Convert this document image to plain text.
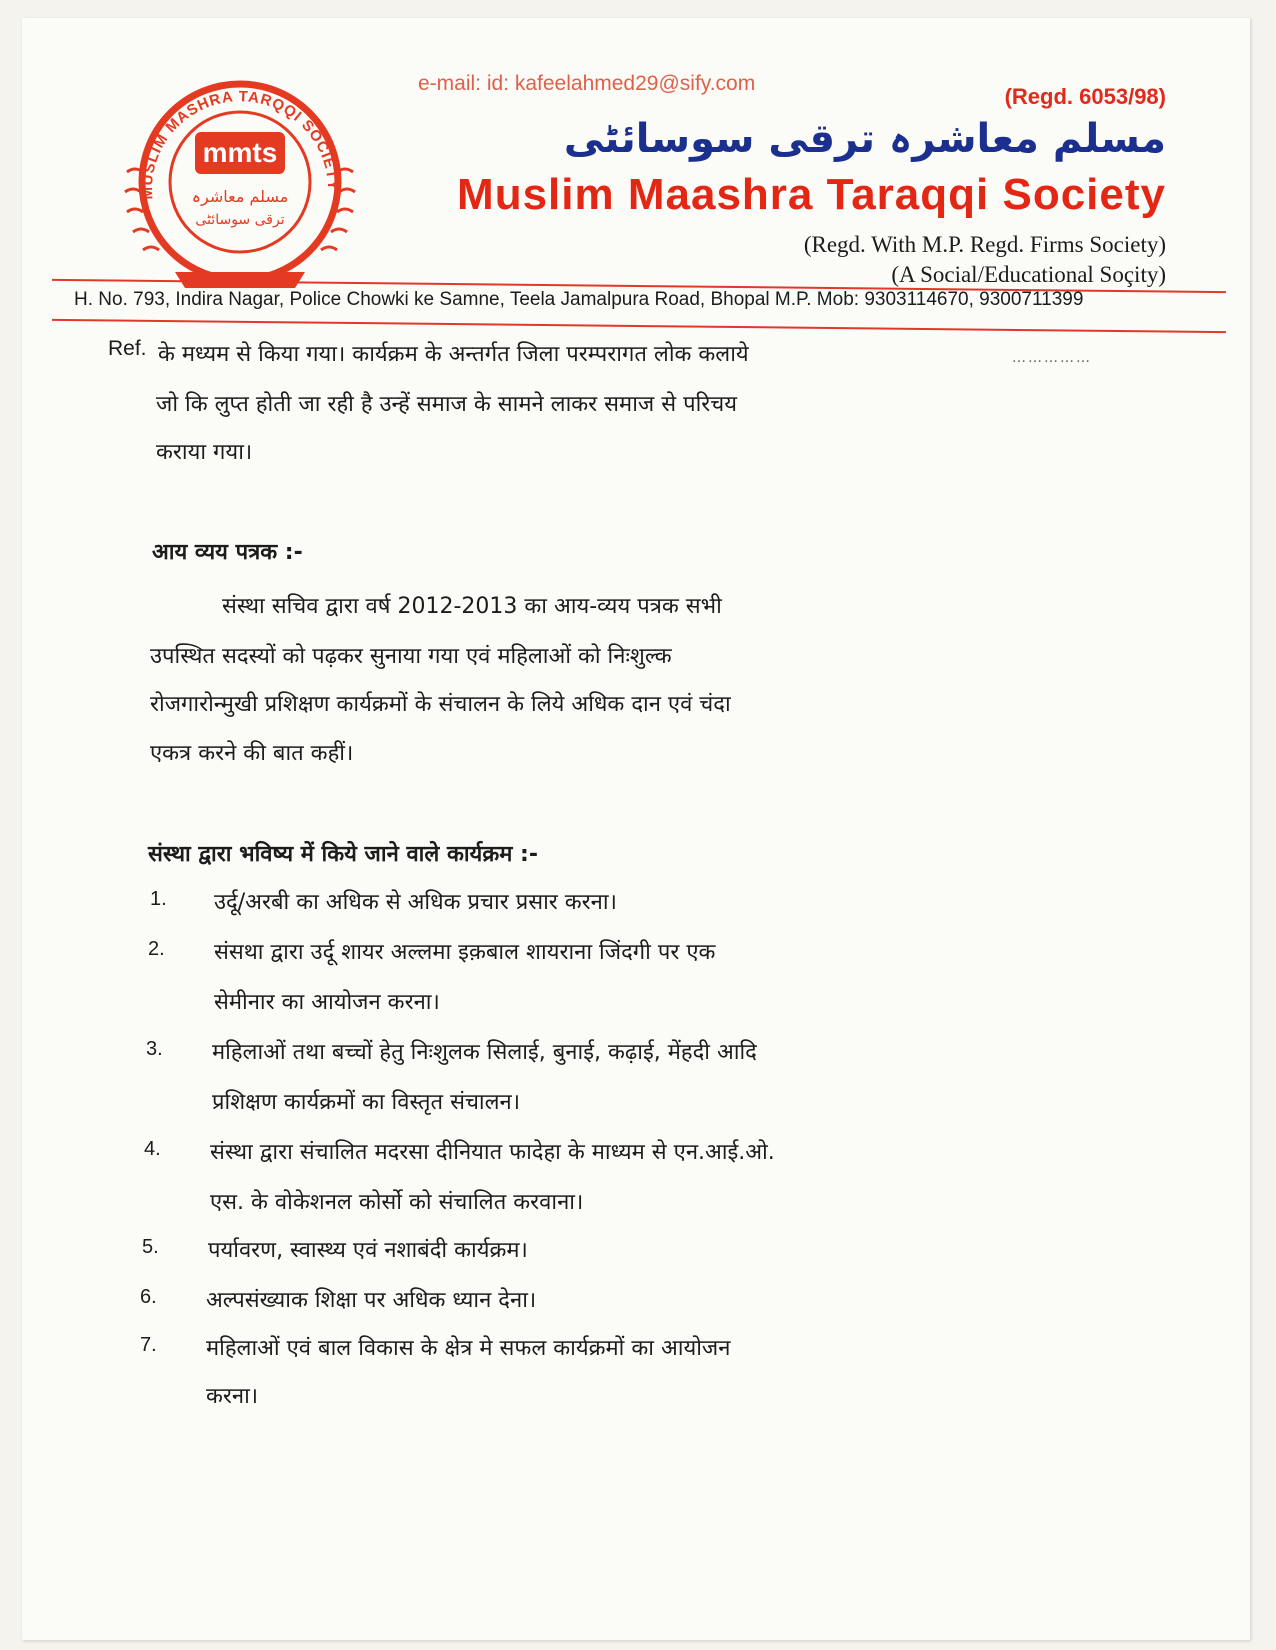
MUSLIM MASHRA TARQQI SOCIETY
mmts
مسلم معاشرہ
ترقی سوسائٹی
e-mail: id: kafeelahmed29@sify.com
(Regd. 6053/98)
مسلم معاشرہ ترقی سوسائٹی
Muslim Maashra Taraqqi Society
(Regd. With M.P. Regd. Firms Society)
(A Social/Educational Soçity)
H. No. 793, Indira Nagar, Police Chowki ke Samne, Teela Jamalpura Road, Bhopal M.P. Mob: 9303114670, 9300711399
Ref. के मध्यम से किया गया। कार्यक्रम के अन्तर्गत जिला परम्परागत लोक कलाये	……………
जो कि लुप्त होती जा रही है उन्हें समाज के सामने लाकर समाज से परिचय
कराया गया।
आय व्यय पत्रक :-
संस्था सचिव द्वारा वर्ष 2012-2013 का आय-व्यय पत्रक सभी
उपस्थित सदस्यों को पढ़कर सुनाया गया एवं महिलाओं को निःशुल्क
रोजगारोन्मुखी प्रशिक्षण कार्यक्रमों के संचालन के लिये अधिक दान एवं चंदा
एकत्र करने की बात कहीं।
संस्था द्वारा भविष्य में किये जाने वाले कार्यक्रम :-
1. उर्दू/अरबी का अधिक से अधिक प्रचार प्रसार करना।
2. संसथा द्वारा उर्दू शायर अल्लमा इक़बाल शायराना जिंदगी पर एक
सेमीनार का आयोजन करना।
3. महिलाओं तथा बच्चों हेतु निःशुलक सिलाई, बुनाई, कढ़ाई, मेंहदी आदि
प्रशिक्षण कार्यक्रमों का विस्तृत संचालन।
4. संस्था द्वारा संचालित मदरसा दीनियात फादेहा के माध्यम से एन.आई.ओ.
एस. के वोकेशनल कोर्सो को संचालित करवाना।
5. पर्यावरण, स्वास्थ्य एवं नशाबंदी कार्यक्रम।
6. अल्पसंख्याक शिक्षा पर अधिक ध्यान देना।
7. महिलाओं एवं बाल विकास के क्षेत्र मे सफल कार्यक्रमों का आयोजन
करना।
